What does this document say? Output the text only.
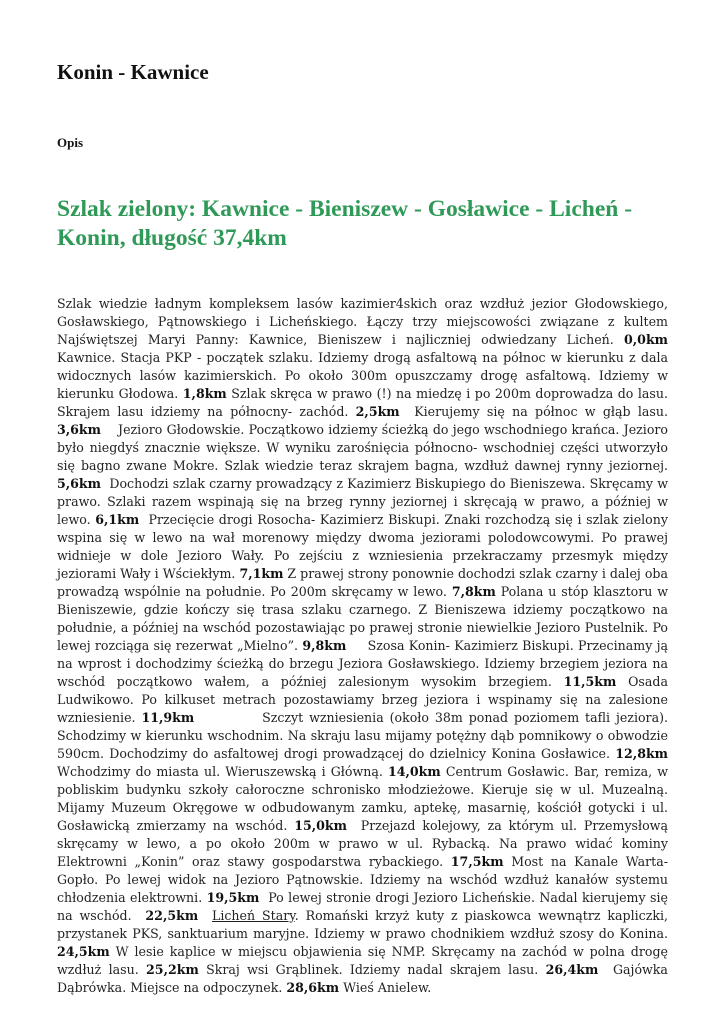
Konin - Kawnice
Opis
Szlak zielony: Kawnice - Bieniszew - Gosławice - Licheń - Konin, długość 37,4km

Szlak wiedzie ładnym kompleksem lasów kazimier4skich oraz wzdłuż jezior Głodowskiego, Gosławskiego, Pątnowskiego i Licheńskiego. Łączy trzy miejscowości związane z kultem Najświętszej Maryi Panny: Kawnice, Bieniszew i najliczniej odwiedzany Licheń. 0,0km Kawnice. Stacja PKP - początek szlaku. Idziemy drogą asfaltową na północ w kierunku z dala widocznych lasów kazimierskich. Po około 300m opuszczamy drogę asfaltową. Idziemy w kierunku Głodowa. 1,8km Szlak skręca w prawo (!) na miedzę i po 200m doprowadza do lasu. Skrajem lasu idziemy na północny- zachód. 2,5km Kierujemy się na północ w głąb lasu. 3,6km Jezioro Głodowskie. Początkowo idziemy ścieżką do jego wschodniego krańca. Jezioro było niegdyś znacznie większe. W wyniku zarośnięcia północno- wschodniej części utworzyło się bagno zwane Mokre. Szlak wiedzie teraz skrajem bagna, wzdłuż dawnej rynny jeziornej. 5,6km Dochodzi szlak czarny prowadzący z Kazimierz Biskupiego do Bieniszewa. Skręcamy w prawo. Szlaki razem wspinają się na brzeg rynny jeziornej i skręcają w prawo, a później w lewo. 6,1km Przecięcie drogi Rosocha- Kazimierz Biskupi. Znaki rozchodzą się i szlak zielony wspina się w lewo na wał morenowy między dwoma jeziorami polodowcowymi. Po prawej widnieje w dole Jezioro Wały. Po zejściu z wzniesienia przekraczamy przesmyk między jeziorami Wały i Wściekłym. 7,1km Z prawej strony ponownie dochodzi szlak czarny i dalej oba prowadzą wspólnie na południe. Po 200m skręcamy w lewo. 7,8km Polana u stóp klasztoru w Bieniszewie, gdzie kończy się trasa szlaku czarnego. Z Bieniszewa idziemy początkowo na południe, a później na wschód pozostawiając po prawej stronie niewielkie Jezioro Pustelnik. Po lewej rozciąga się rezerwat „Mielno”. 9,8km Szosa Konin- Kazimierz Biskupi. Przecinamy ją na wprost i dochodzimy ścieżką do brzegu Jeziora Gosławskiego. Idziemy brzegiem jeziora na wschód początkowo wałem, a później zalesionym wysokim brzegiem. 11,5km Osada Ludwikowo. Po kilkuset metrach pozostawiamy brzeg jeziora i wspinamy się na zalesione wzniesienie. 11,9km	Szczyt wzniesienia (około 38m ponad poziomem tafli jeziora). Schodzimy w kierunku wschodnim. Na skraju lasu mijamy potężny dąb pomnikowy o obwodzie 590cm. Dochodzimy do asfaltowej drogi prowadzącej do dzielnicy Konina Gosławice. 12,8km Wchodzimy do miasta ul. Wieruszewską i Główną. 14,0km Centrum Gosławic. Bar, remiza, w pobliskim budynku szkoły całoroczne schronisko młodzieżowe. Kieruje się w ul. Muzealną. Mijamy Muzeum Okręgowe w odbudowanym zamku, aptekę, masarnię, kościół gotycki i ul. Gosławicką zmierzamy na wschód. 15,0km Przejazd kolejowy, za którym ul. Przemysłową skręcamy w lewo, a po około 200m w prawo w ul. Rybacką. Na prawo widać kominy Elektrowni „Konin” oraz stawy gospodarstwa rybackiego. 17,5km Most na Kanale Warta- Gopło. Po lewej widok na Jezioro Pątnowskie. Idziemy na wschód wzdłuż kanałów systemu chłodzenia elektrowni. 19,5km Po lewej stronie drogi Jezioro Licheńskie. Nadal kierujemy się na wschód. 22,5km Licheń Stary. Romański krzyż kuty z piaskowca wewnątrz kapliczki, przystanek PKS, sanktuarium maryjne. Idziemy w prawo chodnikiem wzdłuż szosy do Konina. 24,5km W lesie kaplice w miejscu objawienia się NMP. Skręcamy na zachód w polna drogę wzdłuż lasu. 25,2km Skraj wsi Grąblinek. Idziemy nadal skrajem lasu. 26,4km Gajówka Dąbrówka. Miejsce na odpoczynek. 28,6km Wieś Anielew.
